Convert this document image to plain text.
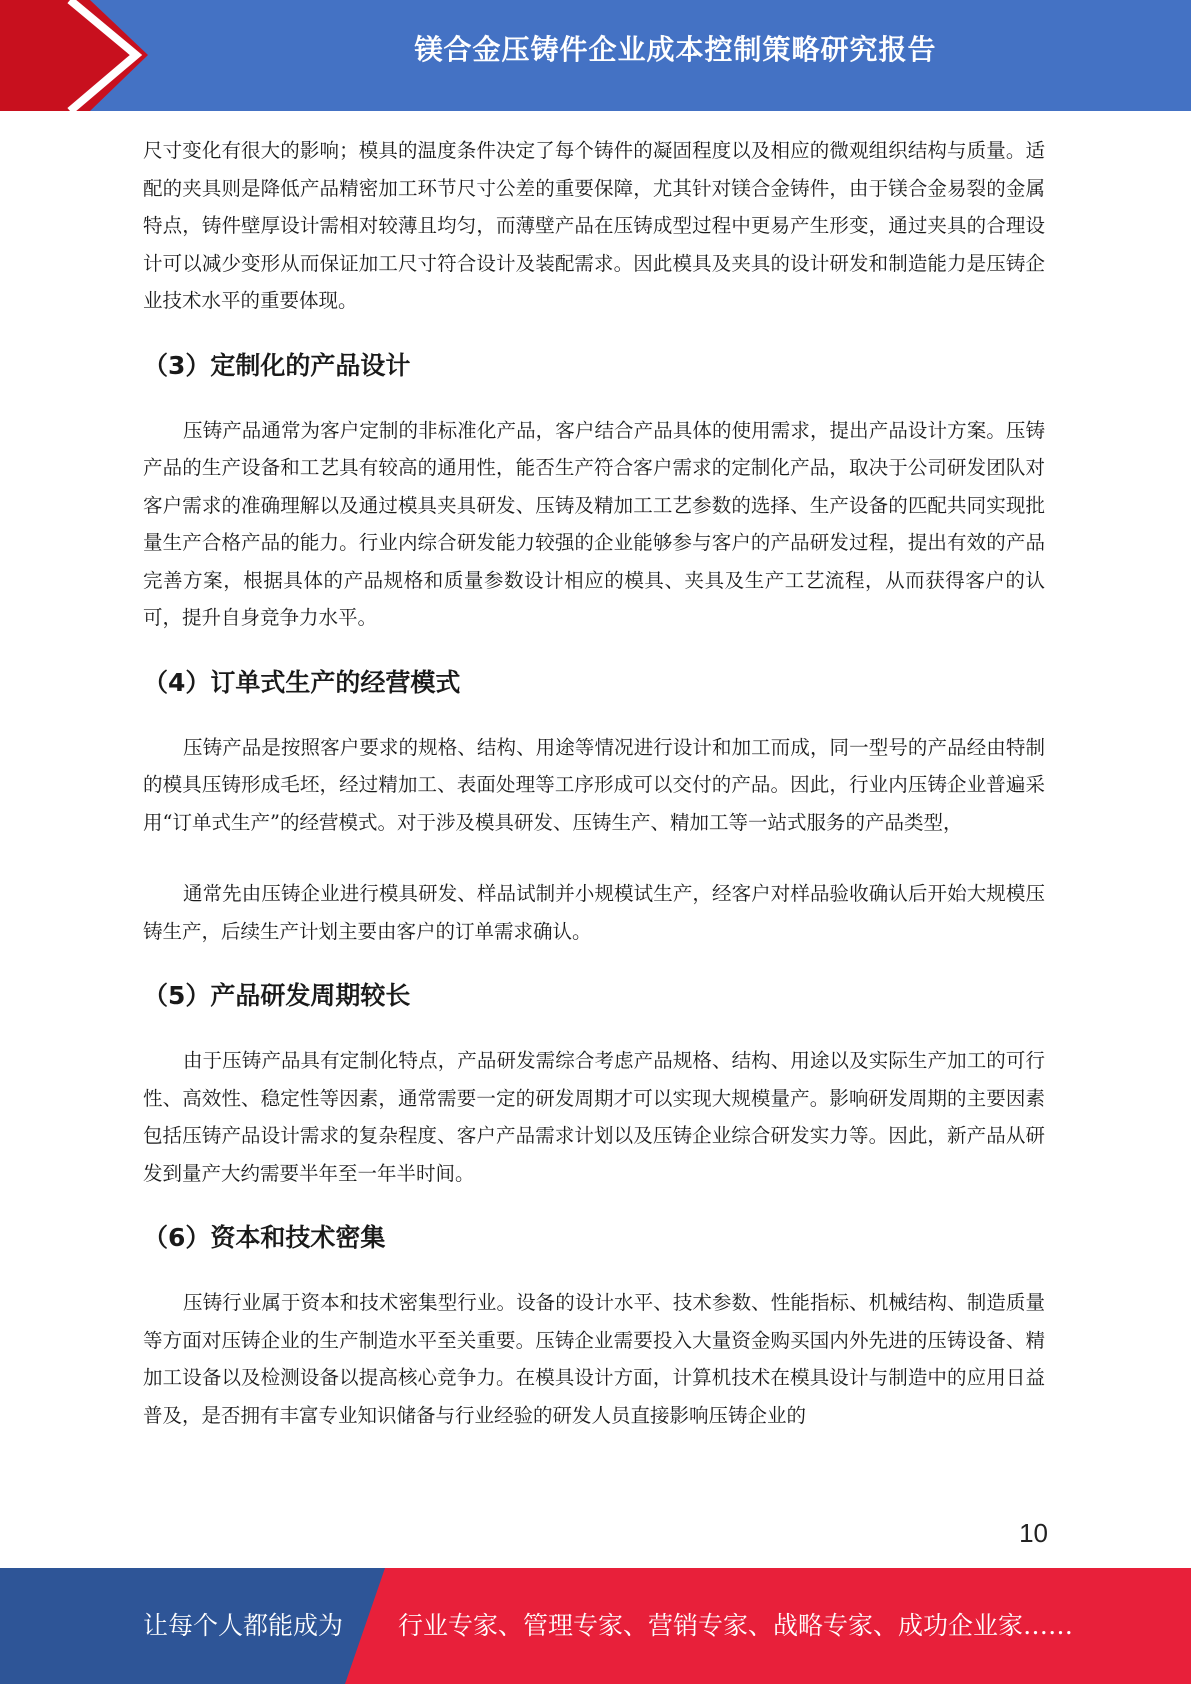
镁合金压铸件企业成本控制策略研究报告

尺寸变化有很大的影响；模具的温度条件决定了每个铸件的凝固程度以及相应的微观组织结构与质量。适配的夹具则是降低产品精密加工环节尺寸公差的重要保障，尤其针对镁合金铸件，由于镁合金易裂的金属特点，铸件壁厚设计需相对较薄且均匀，而薄壁产品在压铸成型过程中更易产生形变，通过夹具的合理设计可以减少变形从而保证加工尺寸符合设计及装配需求。因此模具及夹具的设计研发和制造能力是压铸企业技术水平的重要体现。

（3）定制化的产品设计

压铸产品通常为客户定制的非标准化产品，客户结合产品具体的使用需求，提出产品设计方案。压铸产品的生产设备和工艺具有较高的通用性，能否生产符合客户需求的定制化产品，取决于公司研发团队对客户需求的准确理解以及通过模具夹具研发、压铸及精加工工艺参数的选择、生产设备的匹配共同实现批量生产合格产品的能力。行业内综合研发能力较强的企业能够参与客户的产品研发过程，提出有效的产品完善方案，根据具体的产品规格和质量参数设计相应的模具、夹具及生产工艺流程，从而获得客户的认可，提升自身竞争力水平。

（4）订单式生产的经营模式

压铸产品是按照客户要求的规格、结构、用途等情况进行设计和加工而成，同一型号的产品经由特制的模具压铸形成毛坯，经过精加工、表面处理等工序形成可以交付的产品。因此，行业内压铸企业普遍采用“订单式生产”的经营模式。对于涉及模具研发、压铸生产、精加工等一站式服务的产品类型，

通常先由压铸企业进行模具研发、样品试制并小规模试生产，经客户对样品验收确认后开始大规模压铸生产，后续生产计划主要由客户的订单需求确认。

（5）产品研发周期较长

由于压铸产品具有定制化特点，产品研发需综合考虑产品规格、结构、用途以及实际生产加工的可行性、高效性、稳定性等因素，通常需要一定的研发周期才可以实现大规模量产。影响研发周期的主要因素包括压铸产品设计需求的复杂程度、客户产品需求计划以及压铸企业综合研发实力等。因此，新产品从研发到量产大约需要半年至一年半时间。

（6）资本和技术密集

压铸行业属于资本和技术密集型行业。设备的设计水平、技术参数、性能指标、机械结构、制造质量等方面对压铸企业的生产制造水平至关重要。压铸企业需要投入大量资金购买国内外先进的压铸设备、精加工设备以及检测设备以提高核心竞争力。在模具设计方面，计算机技术在模具设计与制造中的应用日益普及，是否拥有丰富专业知识储备与行业经验的研发人员直接影响压铸企业的

10
让每个人都能成为 行业专家、管理专家、营销专家、战略专家、成功企业家……
